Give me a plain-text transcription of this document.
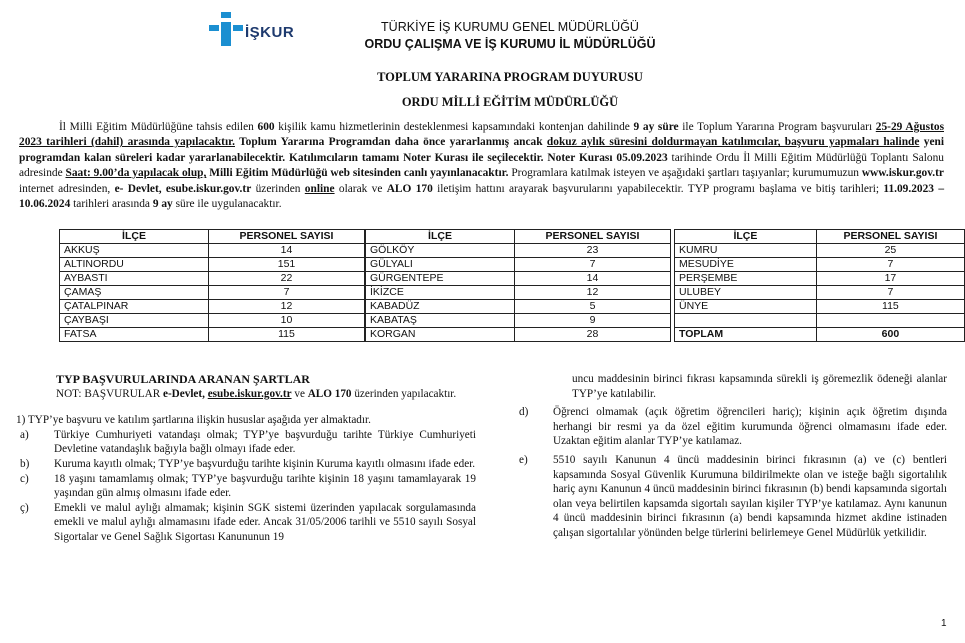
İŞKUR	TÜRKİYE İŞ KURUMU GENEL MÜDÜRLÜĞÜ
ORDU ÇALIŞMA VE İŞ KURUMU İL MÜDÜRLÜĞÜ
TOPLUM YARARINA PROGRAM DUYURUSU
ORDU MİLLİ EĞİTİM MÜDÜRLÜĞÜ
İl Milli Eğitim Müdürlüğüne tahsis edilen 600 kişilik kamu hizmetlerinin desteklenmesi kapsamındaki kontenjan dahilinde 9 ay süre ile Toplum Yararına Program başvuruları 25-29 Ağustos 2023 tarihleri (dahil) arasında yapılacaktır. Toplum Yararına Programdan daha önce yararlanmış ancak dokuz aylık süresini doldurmayan katılımcılar, başvuru yapmaları halinde yeni programdan kalan süreleri kadar yararlanabilecektir. Katılımcıların tamamı Noter Kurası ile seçilecektir. Noter Kurası 05.09.2023 tarihinde Ordu İl Milli Eğitim Müdürlüğü Toplantı Salonu adresinde Saat: 9.00’da yapılacak olup, Milli Eğitim Müdürlüğü web sitesinden canlı yayınlanacaktır. Programlara katılmak isteyen ve aşağıdaki şartları taşıyanlar; kurumumuzun www.iskur.gov.tr internet adresinden, e- Devlet, esube.iskur.gov.tr üzerinden online olarak ve ALO 170 iletişim hattını arayarak başvurularını yapabilecektir. TYP programı başlama ve bitiş tarihleri; 11.09.2023 – 10.06.2024 tarihleri arasında 9 ay süre ile uygulanacaktır.
İLÇE	PERSONEL SAYISI
AKKUŞ	14
ALTINORDU	151
AYBASTI	22
ÇAMAŞ	7
ÇATALPINAR	12
ÇAYBAŞI	10
FATSA	115
İLÇE	PERSONEL SAYISI
GÖLKÖY	23
GÜLYALI	7
GÜRGENTEPE	14
İKİZCE	12
KABADÜZ	5
KABATAŞ	9
KORGAN	28
İLÇE	PERSONEL SAYISI
KUMRU	25
MESUDİYE	7
PERŞEMBE	17
ULUBEY	7
ÜNYE	115

TOPLAM	600
TYP BAŞVURULARINDA ARANAN ŞARTLAR

NOT: BAŞVURULAR e-Devlet, esube.iskur.gov.tr ve ALO 170 üzerinden yapılacaktır.

1) TYP’ye başvuru ve katılım şartlarına ilişkin hususlar aşağıda yer almaktadır.

a)	Türkiye Cumhuriyeti vatandaşı olmak; TYP’ye başvurduğu tarihte Türkiye Cumhuriyeti Devletine vatandaşlık bağıyla bağlı olmayı ifade eder.
b)	Kuruma kayıtlı olmak; TYP’ye başvurduğu tarihte kişinin Kuruma kayıtlı olmasını ifade eder.
c)	18 yaşını tamamlamış olmak; TYP’ye başvurduğu tarihte kişinin 18 yaşını tamamlayarak 19 yaşından gün almış olmasını ifade eder.
ç)	Emekli ve malul aylığı almamak; kişinin SGK sistemi üzerinden yapılacak sorgulamasında emekli ve malul aylığı almamasını ifade eder. Ancak 31/05/2006 tarihli ve 5510 sayılı Sosyal Sigortalar ve Genel Sağlık Sigortası Kanununun 19

uncu maddesinin birinci fıkrası kapsamında sürekli iş göremezlik ödeneği alanlar TYP’ye katılabilir.

d)	Öğrenci olmamak (açık öğretim öğrencileri hariç); kişinin açık öğretim dışında herhangi bir resmi ya da özel eğitim kurumunda öğrenci olmamasını ifade eder. Uzaktan eğitim alanlar TYP’ye katılamaz.
e)	5510 sayılı Kanunun 4 üncü maddesinin birinci fıkrasının (a) ve (c) bentleri kapsamında Sosyal Güvenlik Kurumuna bildirilmekte olan ve isteğe bağlı sigortalılık hariç aynı Kanunun 4 üncü maddesinin birinci fıkrasının (b) bendi kapsamında sigortalı olan veya belirtilen kapsamda sigortalı sayılan kişiler TYP’ye katılamaz. Aynı kanunun 4 üncü maddesinin birinci fıkrasının (a) bendi kapsamında hizmet akdine istinaden çalışan sigortalılar yönünden belge türlerini belirlemeye Genel Müdürlük yetkilidir.
1
